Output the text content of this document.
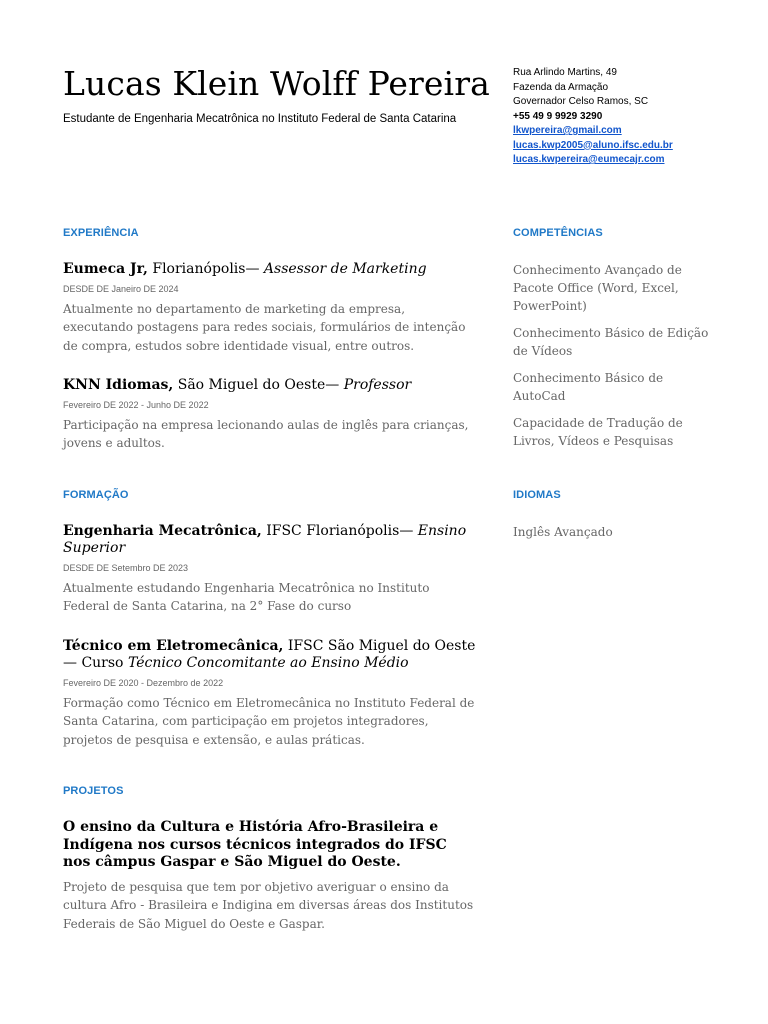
Lucas Klein Wolff Pereira

Estudante de Engenharia Mecatrônica no Instituto Federal de Santa Catarina

Rua Arlindo Martins, 49
Fazenda da Armação
Governador Celso Ramos, SC
+55 49 9 9929 3290
lkwpereira@gmail.com
lucas.kwp2005@aluno.ifsc.edu.br
lucas.kwpereira@eumecajr.com
EXPERIÊNCIA

Eumeca Jr, Florianópolis— Assessor de Marketing

DESDE DE Janeiro DE 2024

Atualmente no departamento de marketing da empresa, executando postagens para redes sociais, formulários de intenção de compra, estudos sobre identidade visual, entre outros.

KNN Idiomas, São Miguel do Oeste— Professor

Fevereiro DE 2022 - Junho DE 2022

Participação na empresa lecionando aulas de inglês para crianças, jovens e adultos.

FORMAÇÃO

Engenharia Mecatrônica, IFSC Florianópolis— Ensino Superior

DESDE DE Setembro DE 2023

Atualmente estudando Engenharia Mecatrônica no Instituto Federal de Santa Catarina, na 2° Fase do curso

Técnico em Eletromecânica, IFSC São Miguel do Oeste — Curso Técnico Concomitante ao Ensino Médio

Fevereiro DE 2020 - Dezembro de 2022

Formação como Técnico em Eletromecânica no Instituto Federal de Santa Catarina, com participação em projetos integradores, projetos de pesquisa e extensão, e aulas práticas.

PROJETOS

O ensino da Cultura e História Afro-Brasileira e Indígena nos cursos técnicos integrados do IFSC nos câmpus Gaspar e São Miguel do Oeste.

Projeto de pesquisa que tem por objetivo averiguar o ensino da cultura Afro - Brasileira e Indigina em diversas áreas dos Institutos Federais de São Miguel do Oeste e Gaspar.

COMPETÊNCIAS

Conhecimento Avançado de Pacote Office (Word, Excel, PowerPoint)

Conhecimento Básico de Edição de Vídeos

Conhecimento Básico de AutoCad

Capacidade de Tradução de Livros, Vídeos e Pesquisas

IDIOMAS

Inglês Avançado
